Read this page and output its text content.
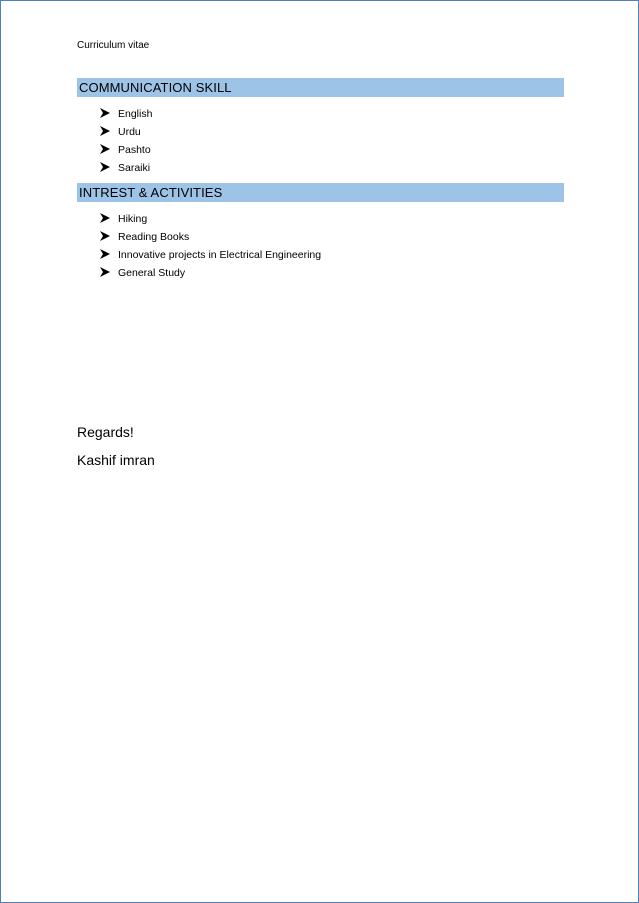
Curriculum vitae
COMMUNICATION SKILL
English
Urdu
Pashto
Saraiki
INTREST & ACTIVITIES
Hiking
Reading Books
Innovative projects in Electrical Engineering
General Study
Regards!
Kashif imran
